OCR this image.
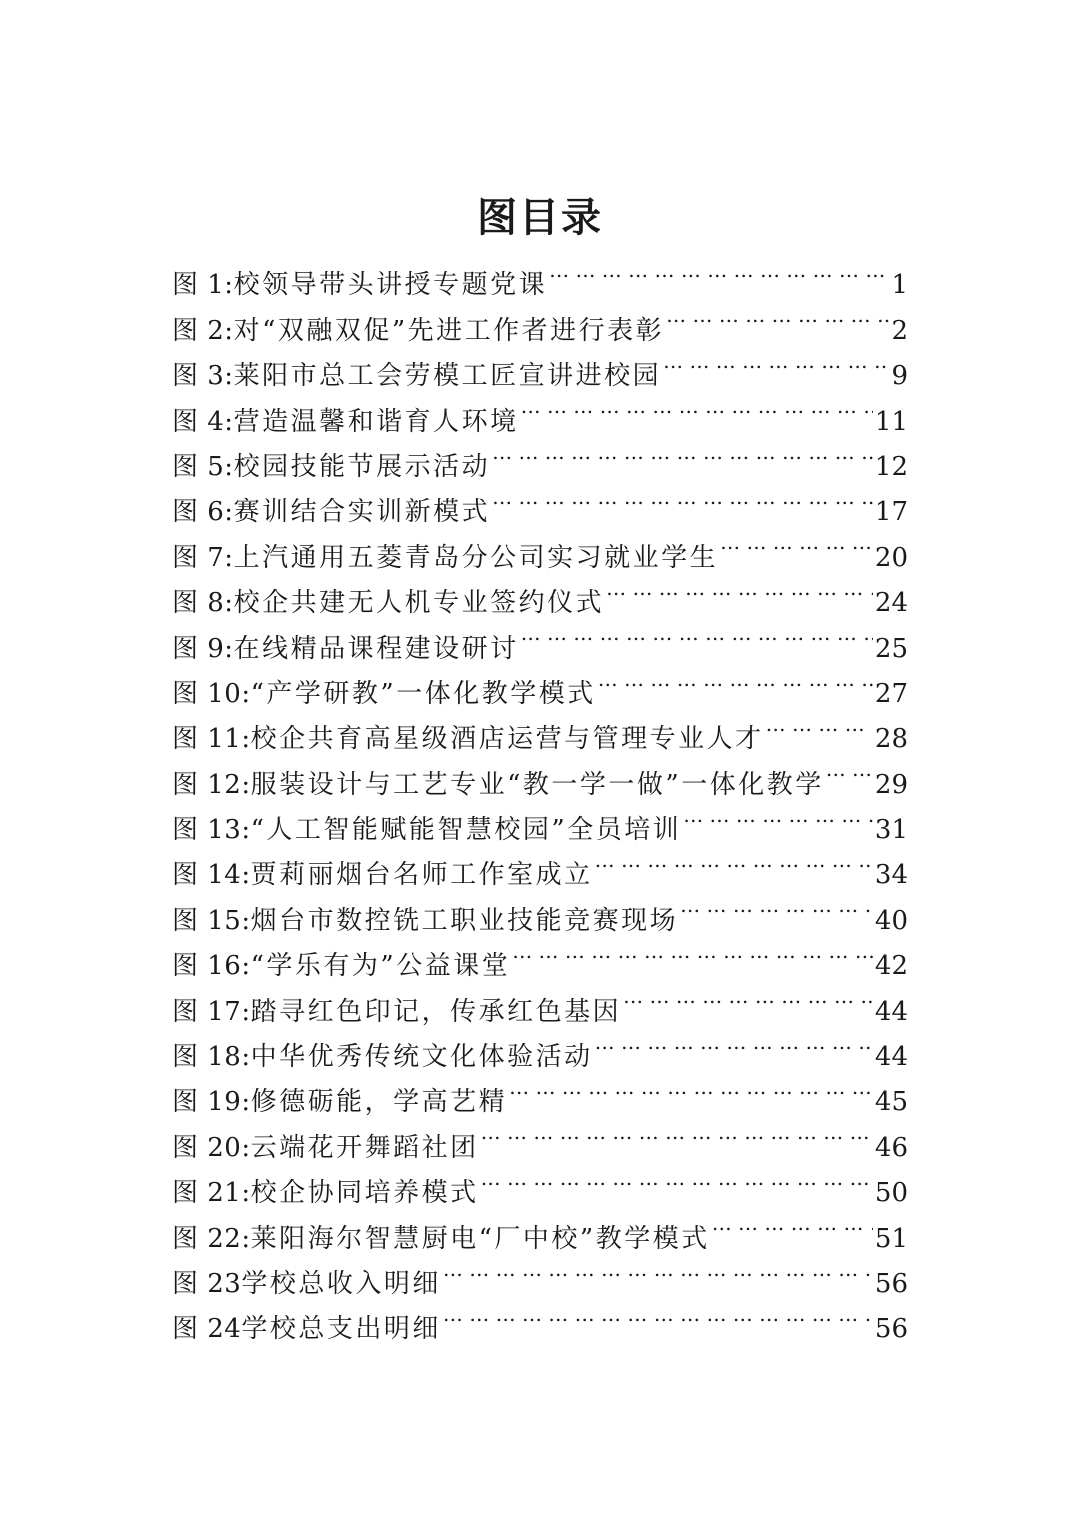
图目录
图 1: 校领导带头讲授专题党课 … … … … … … … … … … … … … … … … … … … … … … … … … … … … … … … … … … … … … … … … … … … …	1
图 2: 对“双融双促”先进工作者进行表彰 … … … … … … … … … … … … … … … … … … … … … … … … … … … … … … … … … … … … … … … … … … … …	2
图 3: 莱阳市总工会劳模工匠宣讲进校园 … … … … … … … … … … … … … … … … … … … … … … … … … … … … … … … … … … … … … … … … … … … …	9
图 4: 营造温馨和谐育人环境 … … … … … … … … … … … … … … … … … … … … … … … … … … … … … … … … … … … … … … … … … … … …	11
图 5: 校园技能节展示活动 … … … … … … … … … … … … … … … … … … … … … … … … … … … … … … … … … … … … … … … … … … … …	12
图 6: 赛训结合实训新模式 … … … … … … … … … … … … … … … … … … … … … … … … … … … … … … … … … … … … … … … … … … … …	17
图 7: 上汽通用五菱青岛分公司实习就业学生 … … … … … … … … … … … … … … … … … … … … … … … … … … … … … … … … … … … … … … … … … … … …	20
图 8: 校企共建无人机专业签约仪式 … … … … … … … … … … … … … … … … … … … … … … … … … … … … … … … … … … … … … … … … … … … …	24
图 9: 在线精品课程建设研讨 … … … … … … … … … … … … … … … … … … … … … … … … … … … … … … … … … … … … … … … … … … … …	25
图 10: “产学研教”一体化教学模式 … … … … … … … … … … … … … … … … … … … … … … … … … … … … … … … … … … … … … … … … … … … …	27
图 11: 校企共育高星级酒店运营与管理专业人才 … … … … … … … … … … … … … … … … … … … … … … … … … … … … … … … … … … … … … … … … … … … …	28
图 12: 服装设计与工艺专业“教一学一做”一体化教学 … … … … … … … … … … … … … … … … … … … … … … … … … … … … … … … … … … … … … … … … … … … … 29
图 13: “人工智能赋能智慧校园”全员培训 … … … … … … … … … … … … … … … … … … … … … … … … … … … … … … … … … … … … … … … … … … … …	31
图 14: 贾莉丽烟台名师工作室成立 … … … … … … … … … … … … … … … … … … … … … … … … … … … … … … … … … … … … … … … … … … … …	34
图 15: 烟台市数控铣工职业技能竞赛现场 … … … … … … … … … … … … … … … … … … … … … … … … … … … … … … … … … … … … … … … … … … … …	40
图 16: “学乐有为”公益课堂 … … … … … … … … … … … … … … … … … … … … … … … … … … … … … … … … … … … … … … … … … … … …	42
图 17: 踏寻红色印记，传承红色基因 … … … … … … … … … … … … … … … … … … … … … … … … … … … … … … … … … … … … … … … … … … … …	44
图 18: 中华优秀传统文化体验活动 … … … … … … … … … … … … … … … … … … … … … … … … … … … … … … … … … … … … … … … … … … … …	44
图 19: 修德砺能，学高艺精 … … … … … … … … … … … … … … … … … … … … … … … … … … … … … … … … … … … … … … … … … … … …	45
图 20: 云端花开舞蹈社团 … … … … … … … … … … … … … … … … … … … … … … … … … … … … … … … … … … … … … … … … … … … …	46
图 21: 校企协同培养模式 … … … … … … … … … … … … … … … … … … … … … … … … … … … … … … … … … … … … … … … … … … … …	50
图 22: 莱阳海尔智慧厨电“厂中校”教学模式 … … … … … … … … … … … … … … … … … … … … … … … … … … … … … … … … … … … … … … … … … … … …	51
图 23 学校总收入明细 … … … … … … … … … … … … … … … … … … … … … … … … … … … … … … … … … … … … … … … … … … … …	56
图 24 学校总支出明细 … … … … … … … … … … … … … … … … … … … … … … … … … … … … … … … … … … … … … … … … … … … …	56
